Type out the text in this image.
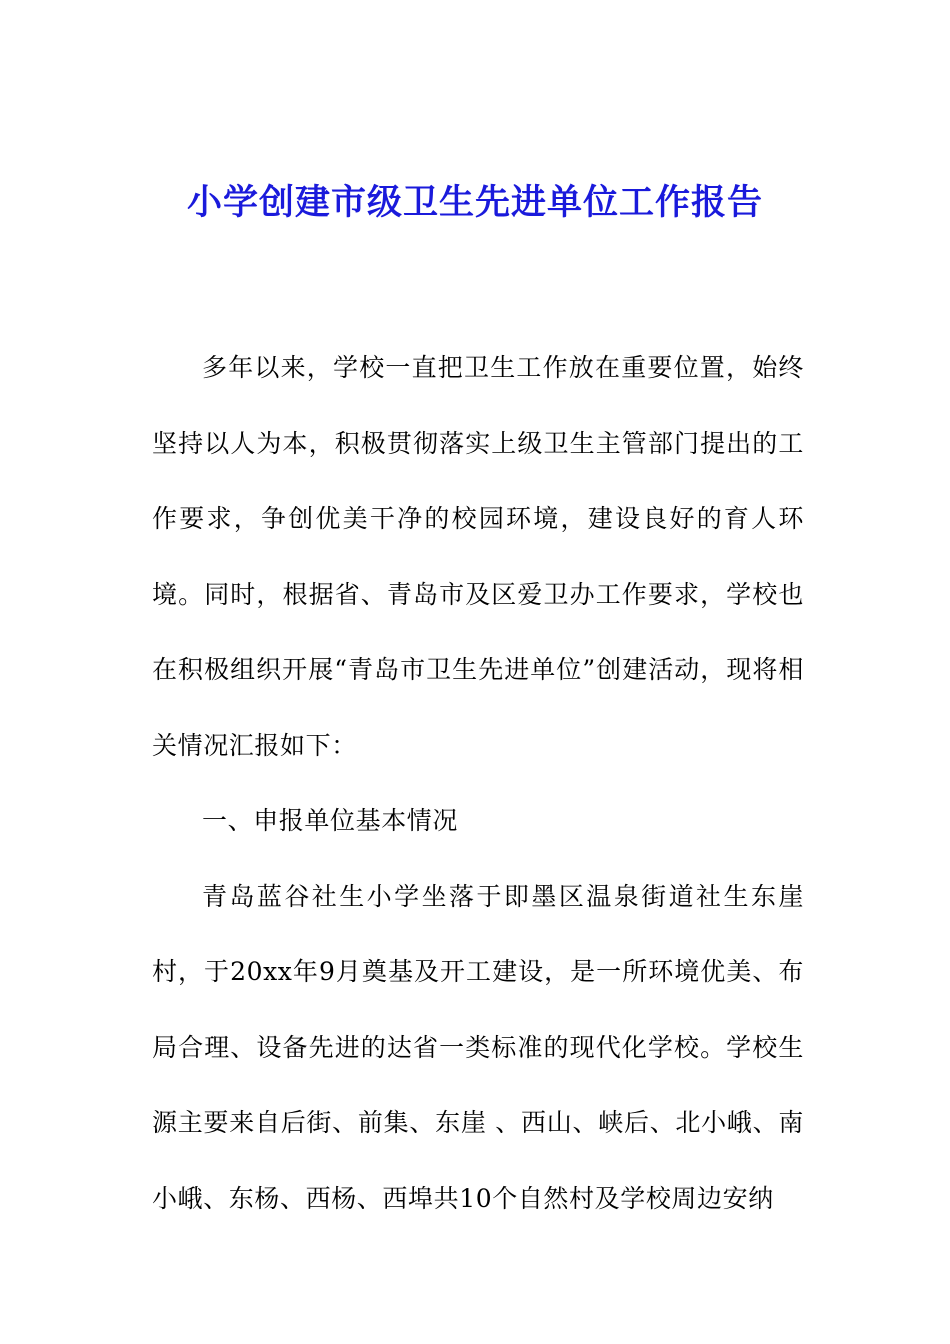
小学创建市级卫生先进单位工作报告

多年以来，学校一直把卫生工作放在重要位置，始终坚持以人为本，积极贯彻落实上级卫生主管部门提出的工作要求，争创优美干净的校园环境，建设良好的育人环境。同时，根据省、青岛市及区爱卫办工作要求，学校也在积极组织开展“青岛市卫生先进单位”创建活动，现将相关情况汇报如下：

一、申报单位基本情况

青岛蓝谷社生小学坐落于即墨区温泉街道社生东崖村，于20xx年9月奠基及开工建设，是一所环境优美、布局合理、设备先进的达省一类标准的现代化学校。学校生源主要来自后街、前集、东崖 、西山、峡后、北小峨、南小峨、东杨、西杨、西埠共10个自然村及学校周边安纳
